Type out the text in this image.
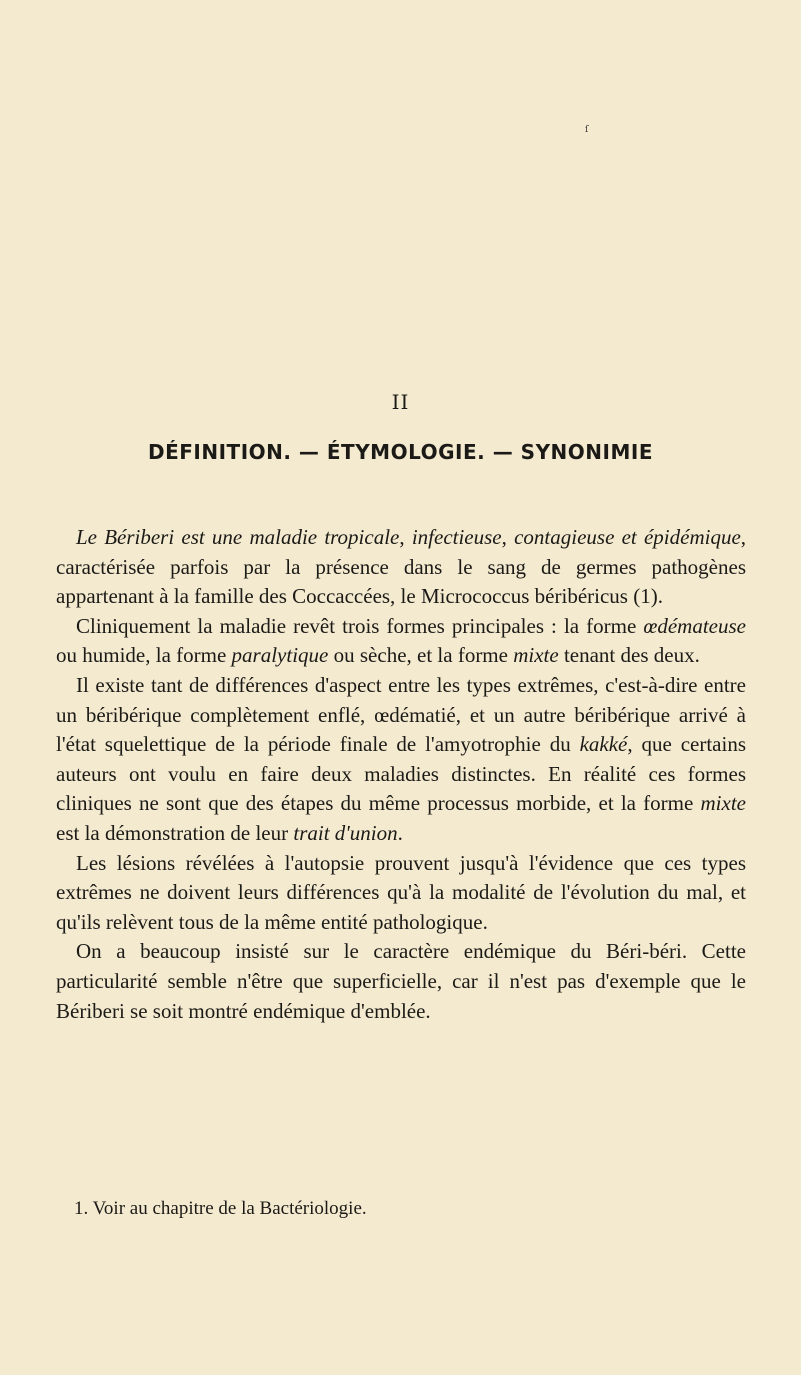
ſ
II
DÉFINITION. — ÉTYMOLOGIE. — SYNONIMIE

Le Bériberi est une maladie tropicale, infectieuse, contagieuse et épidémique, caractérisée parfois par la présence dans le sang de germes pathogènes appartenant à la famille des Coccaccées, le Micrococcus béribéricus (1).

Cliniquement la maladie revêt trois formes principales : la forme œdémateuse ou humide, la forme paralytique ou sèche, et la forme mixte tenant des deux.

Il existe tant de différences d'aspect entre les types extrêmes, c'est-à-dire entre un béribérique complètement enflé, œdématié, et un autre béribérique arrivé à l'état squelettique de la période finale de l'amyotrophie du kakké, que certains auteurs ont voulu en faire deux maladies distinctes. En réalité ces formes cliniques ne sont que des étapes du même processus morbide, et la forme mixte est la démonstration de leur trait d'union.

Les lésions révélées à l'autopsie prouvent jusqu'à l'évidence que ces types extrêmes ne doivent leurs différences qu'à la modalité de l'évolution du mal, et qu'ils relèvent tous de la même entité pathologique.

On a beaucoup insisté sur le caractère endémique du Béri-béri. Cette particularité semble n'être que superficielle, car il n'est pas d'exemple que le Bériberi se soit montré endémique d'emblée.

1. Voir au chapitre de la Bactériologie.
